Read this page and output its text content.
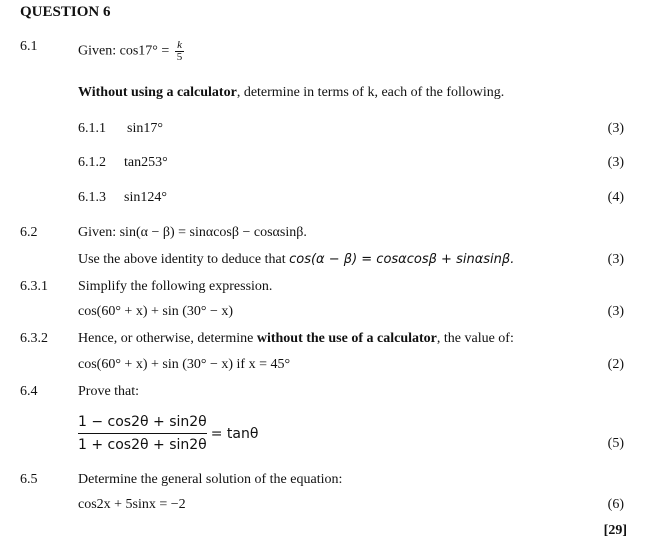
QUESTION 6
6.1	Given: $\cos 17^\circ = \frac{k}{5}$
Without using a calculator, determine in terms of k, each of the following.
6.1.1 sin17°	(3)
6.1.2 tan253°	(3)
6.1.3 sin124°	(4)
6.2	Given: sin(α − β) = sinαcosβ − cosαsinβ.
Use the above identity to deduce that cos(α − β) = cosαcosβ + sinαsinβ.	(3)
6.3.1 Simplify the following expression.
cos(60° + x) + sin (30° − x)	(3)
6.3.2 Hence, or otherwise, determine without the use of a calculator, the value of:
cos(60° + x) + sin (30° − x) if x = 45°	(2)
6.4	Prove that:
$\frac{1 - \cos 2\theta + \sin 2\theta}{1 + \cos 2\theta + \sin 2\theta} = \tan\theta$
(5)
6.5	Determine the general solution of the equation:
cos2x + 5sinx = −2	(6)
[29]
